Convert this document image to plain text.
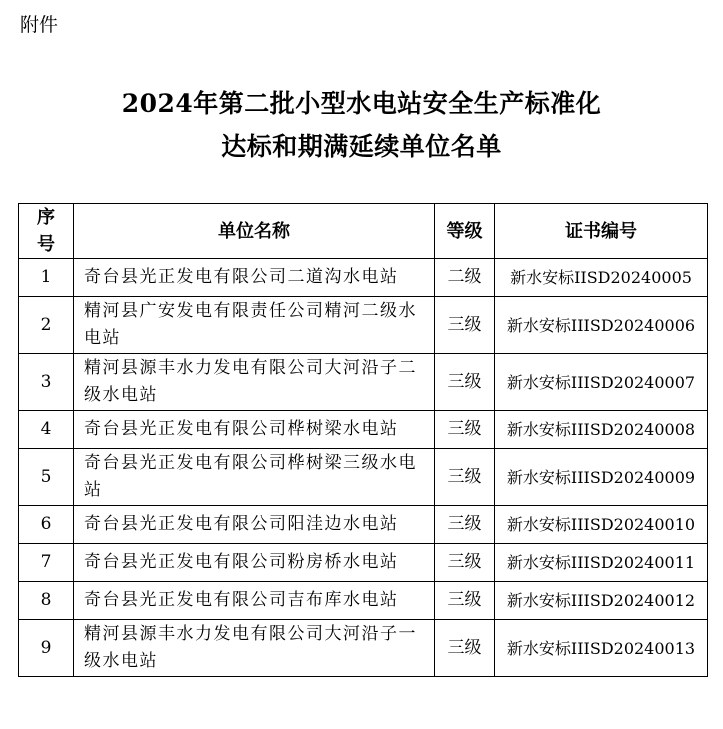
附件
2024年第二批小型水电站安全生产标准化
达标和期满延续单位名单
序号	单位名称	等级	证书编号
1	奇台县光正发电有限公司二道沟水电站	二级	新水安标IISD20240005
2	精河县广安发电有限责任公司精河二级水电站	三级	新水安标IIISD20240006
3	精河县源丰水力发电有限公司大河沿子二级水电站	三级	新水安标IIISD20240007
4	奇台县光正发电有限公司桦树梁水电站	三级	新水安标IIISD20240008
5	奇台县光正发电有限公司桦树梁三级水电站	三级	新水安标IIISD20240009
6	奇台县光正发电有限公司阳洼边水电站	三级	新水安标IIISD20240010
7	奇台县光正发电有限公司粉房桥水电站	三级	新水安标IIISD20240011
8	奇台县光正发电有限公司吉布库水电站	三级	新水安标IIISD20240012
9	精河县源丰水力发电有限公司大河沿子一级水电站	三级	新水安标IIISD20240013
